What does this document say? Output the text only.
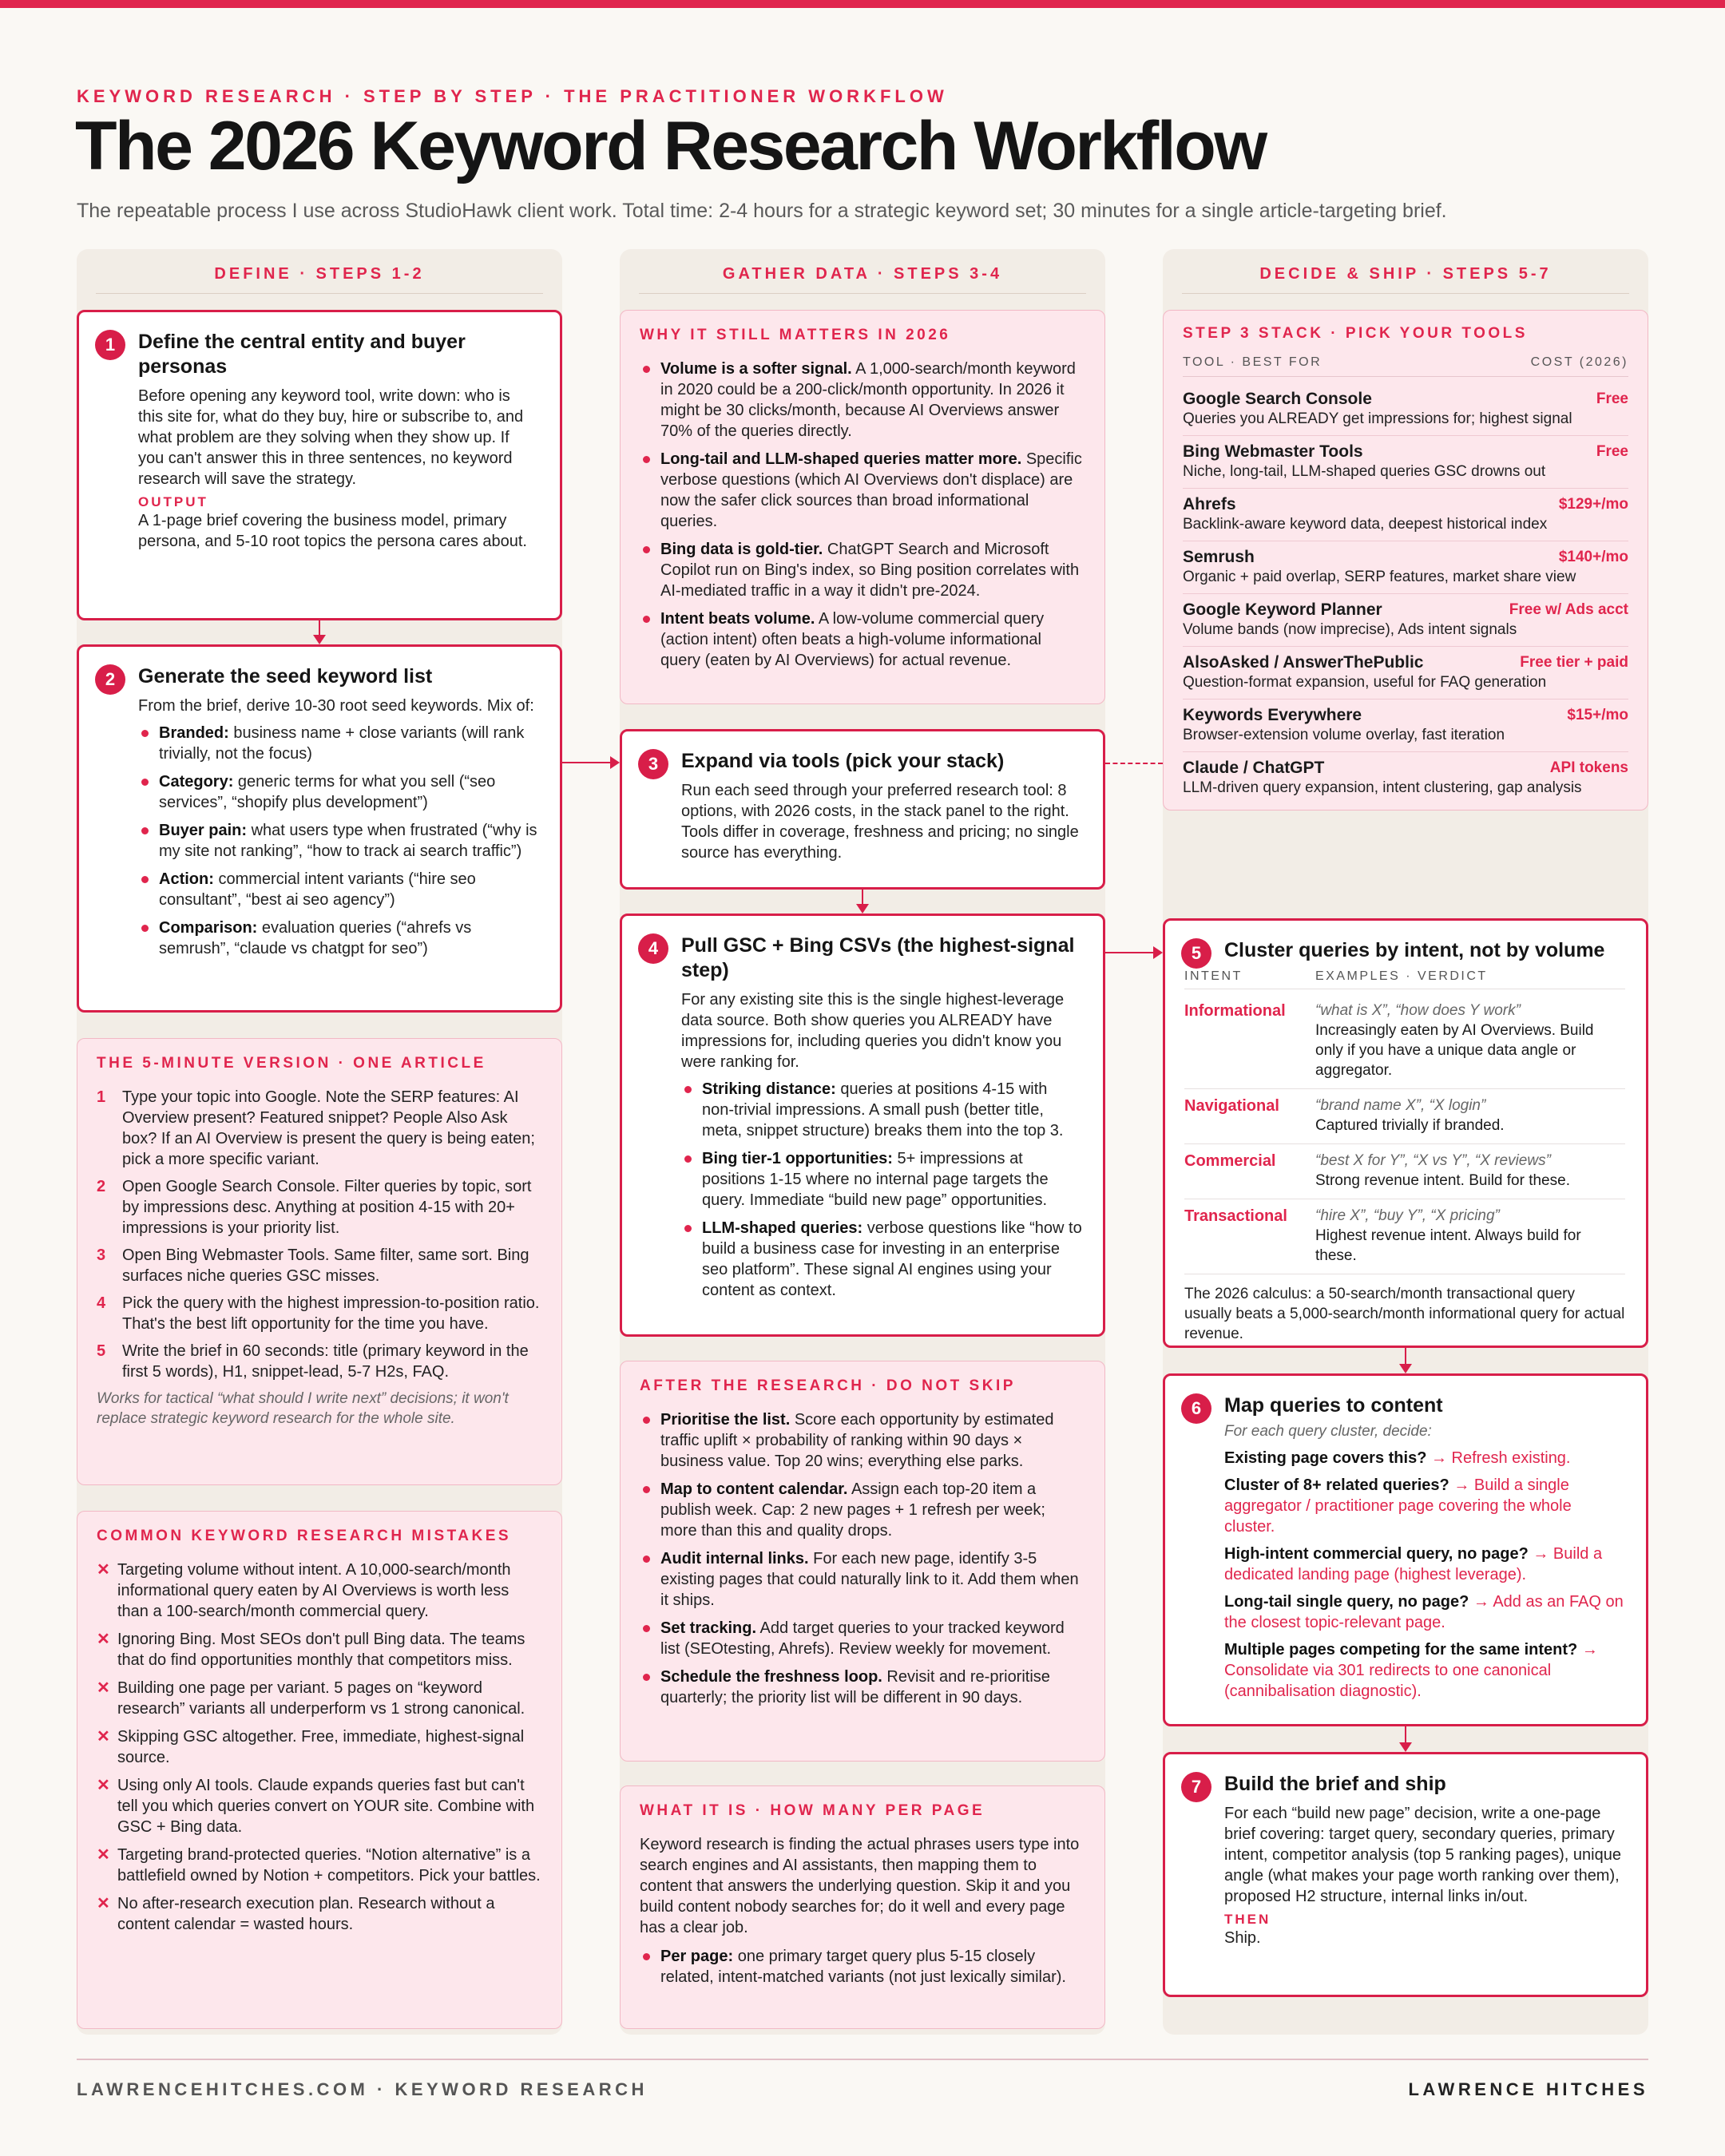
KEYWORD RESEARCH · STEP BY STEP · THE PRACTITIONER WORKFLOW
The 2026 Keyword Research Workflow
The repeatable process I use across StudioHawk client work. Total time: 2-4 hours for a strategic keyword set; 30 minutes for a single article-targeting brief.
DEFINE · STEPS 1-2	GATHER DATA · STEPS 3-4	DECIDE & SHIP · STEPS 5-7
1	Define the central entity and buyer personas
Before opening any keyword tool, write down: who is this site for, what do they buy, hire or subscribe to, and what problem are they solving when they show up. If you can't answer this in three sentences, no keyword research will save the strategy.
OUTPUT
A 1-page brief covering the business model, primary persona, and 5-10 root topics the persona cares about.
2	Generate the seed keyword list
From the brief, derive 10-30 root seed keywords. Mix of:
Branded: business name + close variants (will rank trivially, not the focus)
Category: generic terms for what you sell (“seo services”, “shopify plus development”)
Buyer pain: what users type when frustrated (“why is my site not ranking”, “how to track ai search traffic”)
Action: commercial intent variants (“hire seo consultant”, “best ai seo agency”)
Comparison: evaluation queries (“ahrefs vs semrush”, “claude vs chatgpt for seo”)
THE 5-MINUTE VERSION · ONE ARTICLE
1 Type your topic into Google. Note the SERP features: AI Overview present? Featured snippet? People Also Ask box? If an AI Overview is present the query is being eaten; pick a more specific variant.
2 Open Google Search Console. Filter queries by topic, sort by impressions desc. Anything at position 4-15 with 20+ impressions is your priority list.
3 Open Bing Webmaster Tools. Same filter, same sort. Bing surfaces niche queries GSC misses.
4 Pick the query with the highest impression-to-position ratio. That's the best lift opportunity for the time you have.
5 Write the brief in 60 seconds: title (primary keyword in the first 5 words), H1, snippet-lead, 5-7 H2s, FAQ.
Works for tactical “what should I write next” decisions; it won't replace strategic keyword research for the whole site.
COMMON KEYWORD RESEARCH MISTAKES
✕ Targeting volume without intent. A 10,000-search/month informational query eaten by AI Overviews is worth less than a 100-search/month commercial query.
✕ Ignoring Bing. Most SEOs don't pull Bing data. The teams that do find opportunities monthly that competitors miss.
✕ Building one page per variant. 5 pages on “keyword research” variants all underperform vs 1 strong canonical.
✕ Skipping GSC altogether. Free, immediate, highest-signal source.
✕ Using only AI tools. Claude expands queries fast but can't tell you which queries convert on YOUR site. Combine with GSC + Bing data.
✕ Targeting brand-protected queries. “Notion alternative” is a battlefield owned by Notion + competitors. Pick your battles.
✕ No after-research execution plan. Research without a content calendar = wasted hours.
WHY IT STILL MATTERS IN 2026
Volume is a softer signal. A 1,000-search/month keyword in 2020 could be a 200-click/month opportunity. In 2026 it might be 30 clicks/month, because AI Overviews answer 70% of the queries directly.
Long-tail and LLM-shaped queries matter more. Specific verbose questions (which AI Overviews don't displace) are now the safer click sources than broad informational queries.
Bing data is gold-tier. ChatGPT Search and Microsoft Copilot run on Bing's index, so Bing position correlates with AI-mediated traffic in a way it didn't pre-2024.
Intent beats volume. A low-volume commercial query (action intent) often beats a high-volume informational query (eaten by AI Overviews) for actual revenue.
3	Expand via tools (pick your stack)
Run each seed through your preferred research tool: 8 options, with 2026 costs, in the stack panel to the right. Tools differ in coverage, freshness and pricing; no single source has everything.
4	Pull GSC + Bing CSVs (the highest-signal step)
For any existing site this is the single highest-leverage data source. Both show queries you ALREADY have impressions for, including queries you didn't know you were ranking for.
Striking distance: queries at positions 4-15 with non-trivial impressions. A small push (better title, meta, snippet structure) breaks them into the top 3.
Bing tier-1 opportunities: 5+ impressions at positions 1-15 where no internal page targets the query. Immediate “build new page” opportunities.
LLM-shaped queries: verbose questions like “how to build a business case for investing in an enterprise seo platform”. These signal AI engines using your content as context.
AFTER THE RESEARCH · DO NOT SKIP
Prioritise the list. Score each opportunity by estimated traffic uplift × probability of ranking within 90 days × business value. Top 20 wins; everything else parks.
Map to content calendar. Assign each top-20 item a publish week. Cap: 2 new pages + 1 refresh per week; more than this and quality drops.
Audit internal links. For each new page, identify 3-5 existing pages that could naturally link to it. Add them when it ships.
Set tracking. Add target queries to your tracked keyword list (SEOtesting, Ahrefs). Review weekly for movement.
Schedule the freshness loop. Revisit and re-prioritise quarterly; the priority list will be different in 90 days.
WHAT IT IS · HOW MANY PER PAGE
Keyword research is finding the actual phrases users type into search engines and AI assistants, then mapping them to content that answers the underlying question. Skip it and you build content nobody searches for; do it well and every page has a clear job.
Per page: one primary target query plus 5-15 closely related, intent-matched variants (not just lexically similar).
STEP 3 STACK · PICK YOUR TOOLS
TOOL · BEST FOR	COST (2026)
Google Search Console	Free
Queries you ALREADY get impressions for; highest signal
Bing Webmaster Tools	Free
Niche, long-tail, LLM-shaped queries GSC drowns out
Ahrefs	$129+/mo
Backlink-aware keyword data, deepest historical index
Semrush	$140+/mo
Organic + paid overlap, SERP features, market share view
Google Keyword Planner	Free w/ Ads acct
Volume bands (now imprecise), Ads intent signals
AlsoAsked / AnswerThePublic	Free tier + paid
Question-format expansion, useful for FAQ generation
Keywords Everywhere	$15+/mo
Browser-extension volume overlay, fast iteration
Claude / ChatGPT	API tokens
LLM-driven query expansion, intent clustering, gap analysis
5	Cluster queries by intent, not by volume
INTENT	EXAMPLES · VERDICT
Informational	“what is X”, “how does Y work”
Increasingly eaten by AI Overviews. Build only if you have a unique data angle or aggregator.
Navigational	“brand name X”, “X login”
Captured trivially if branded.
Commercial	“best X for Y”, “X vs Y”, “X reviews”
Strong revenue intent. Build for these.
Transactional	“hire X”, “buy Y”, “X pricing”
Highest revenue intent. Always build for these.
The 2026 calculus: a 50-search/month transactional query usually beats a 5,000-search/month informational query for actual revenue.
6	Map queries to content
For each query cluster, decide:
Existing page covers this? → Refresh existing.
Cluster of 8+ related queries? → Build a single aggregator / practitioner page covering the whole cluster.
High-intent commercial query, no page? → Build a dedicated landing page (highest leverage).
Long-tail single query, no page? → Add as an FAQ on the closest topic-relevant page.
Multiple pages competing for the same intent? → Consolidate via 301 redirects to one canonical (cannibalisation diagnostic).
7	Build the brief and ship
For each “build new page” decision, write a one-page brief covering: target query, secondary queries, primary intent, competitor analysis (top 5 ranking pages), unique angle (what makes your page worth ranking over them), proposed H2 structure, internal links in/out.
THEN
Ship.
LAWRENCEHITCHES.COM · KEYWORD RESEARCH	LAWRENCE HITCHES
